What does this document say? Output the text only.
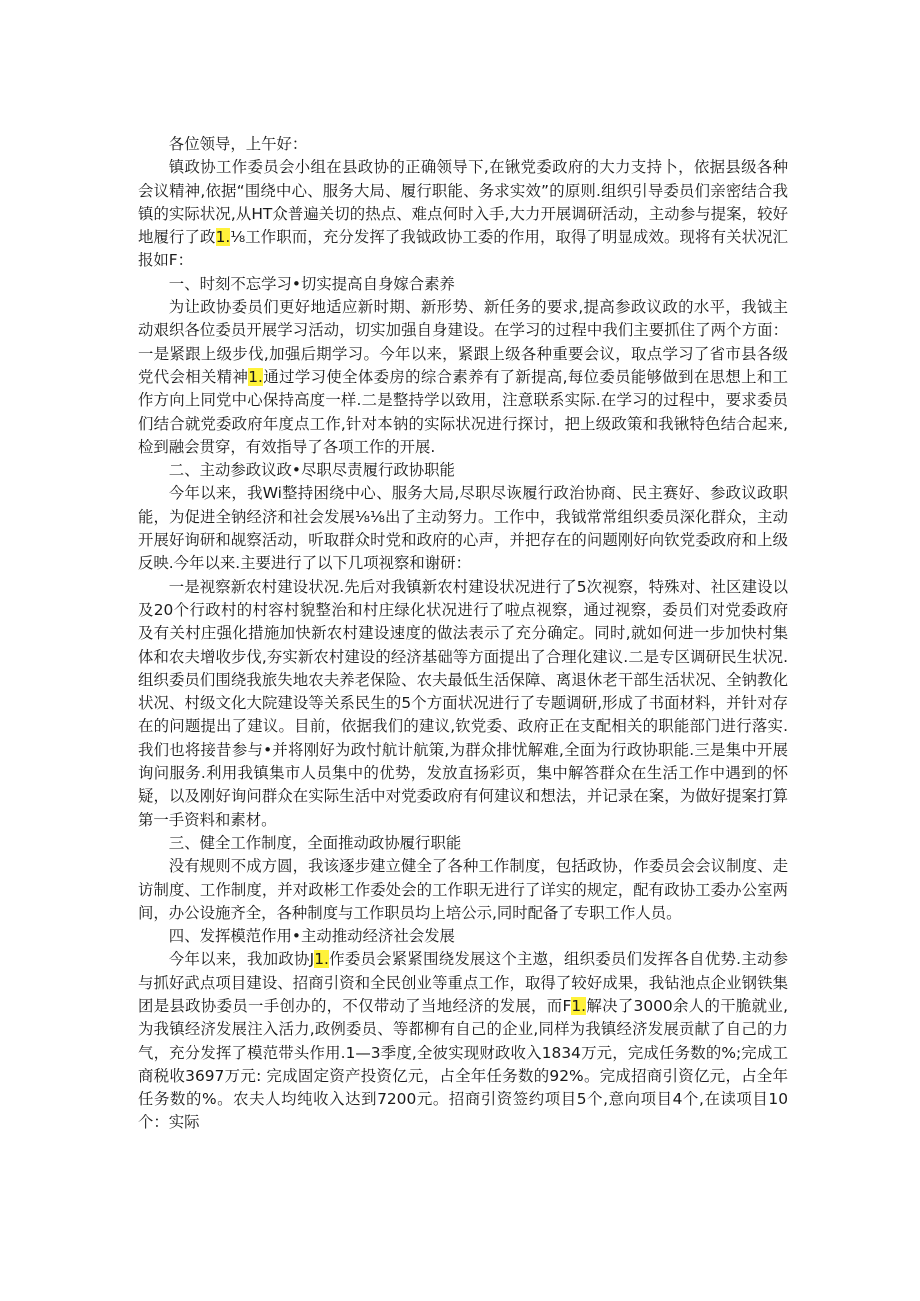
各位领导，上午好：

镇政协工作委员会小组在县政协的正确领导下,在锹党委政府的大力支持卜，依据县级各种会议精神,依据“围绕中心、服务大局、履行职能、务求实效”的原则.组织引导委员们亲密结合我镇的实际状况,从HT众普遍关切的热点、难点何时入手,大力开展调研活动，主动参与提案，较好地履行了政1.⅛工作职而，充分发挥了我钺政协工委的作用，取得了明显成效。现将有关状况汇报如F：

一、时刻不忘学习•切实提高自身嫁合素养

为让政协委员们更好地适应新时期、新形势、新任务的要求,提高参政议政的水平，我钺主动艰织各位委员开展学习活动，切实加强自身建设。在学习的过程中我们主要抓住了两个方面：一是紧跟上级步伐,加强后期学习。今年以来，紧跟上级各种重要会议，取点学习了省市县各级党代会相关精神1.通过学习使全体委房的综合素养有了新提高,每位委员能够做到在思想上和工作方向上同党中心保持高度一样.二是整持学以致用，注意联系实际.在学习的过程中，要求委员们结合就党委政府年度点工作,针对本钠的实际状况进行探讨，把上级政策和我锹特色结合起来,检到融会贯穿，有效指导了各项工作的开展.

二、主动参政议政•尽职尽责履行政协职能

今年以来，我Wi整持困绕中心、服务大局,尽职尽诙履行政治协商、民主赛好、参政议政职能，为促进全钠经济和社会发展⅛⅛出了主动努力。工作中，我钺常常组织委员深化群众，主动开展好询研和觇察活动，听取群众时党和政府的心声，并把存在的问题刚好向钦党委政府和上级反映.今年以来.主要进行了以下几项视察和谢研：

一是视察新农村建设状况.先后对我镇新农村建设状况进行了5次视察，特殊对、社区建设以及20个行政村的村容村貌整治和村庄绿化状况进行了啦点视察，通过视察，委员们对党委政府及有关村庄强化措施加快新农村建设速度的做法表示了充分确定。同时,就如何进一步加快村集体和农夫增收步伐,夯实新农村建设的经济基础等方面提出了合理化建议.二是专区调研民生状况.组织委员们围绕我旅失地农夫养老保险、农夫最低生活保障、离退休老干部生活状况、全钠教化状况、村级文化大院建设等关系民生的5个方面状况进行了专题调研,形成了书面材料，并针对存在的问题提出了建议。目前，依据我们的建议,钦党委、政府正在支配相关的职能部门进行落实.我们也将接昔参与•并将刚好为政忖航计航策,为群众排忧解难,全面为行政协职能.三是集中开展询问服务.利用我镇集市人员集中的优势，发放直扬彩页，集中解答群众在生活工作中遇到的怀疑，以及刚好询问群众在实际生活中对党委政府有何建议和想法，并记录在案，为做好提案打算第一手资料和素材。

三、健全工作制度，全面推动政协履行职能

没有规则不成方圆，我该逐步建立健全了各种工作制度，包括政协，作委员会会议制度、走访制度、工作制度，并对政彬工作委处会的工作职无进行了详实的规定，配有政协工委办公室两间，办公设施齐全，各种制度与工作职员均上培公示,同时配备了专职工作人员。

四、发挥模范作用•主动推动经济社会发展

今年以来，我加政协J1.作委员会紧紧围绕发展这个主遨，组织委员们发挥各自优势.主动参与抓好武点项目建设、招商引资和全民创业等重点工作，取得了较好成果，我钻池点企业钢铁集团是县政协委员一手创办的，不仅带动了当地经济的发展，而F1.解决了3000余人的干脆就业,为我镇经济发展注入活力,政例委员、等都柳有自己的企业,同样为我镇经济发展贡献了自己的力气，充分发挥了模范带头作用.1—3季度,全彼实现财政收入1834万元，完成任务数的%;完成工商税收3697万元: 完成固定资产投资亿元，占全年任务数的92%。完成招商引资亿元，占全年任务数的%。农夫人均纯收入达到7200元。招商引资签约项目5个,意向项目4个,在读项目10个：实际
